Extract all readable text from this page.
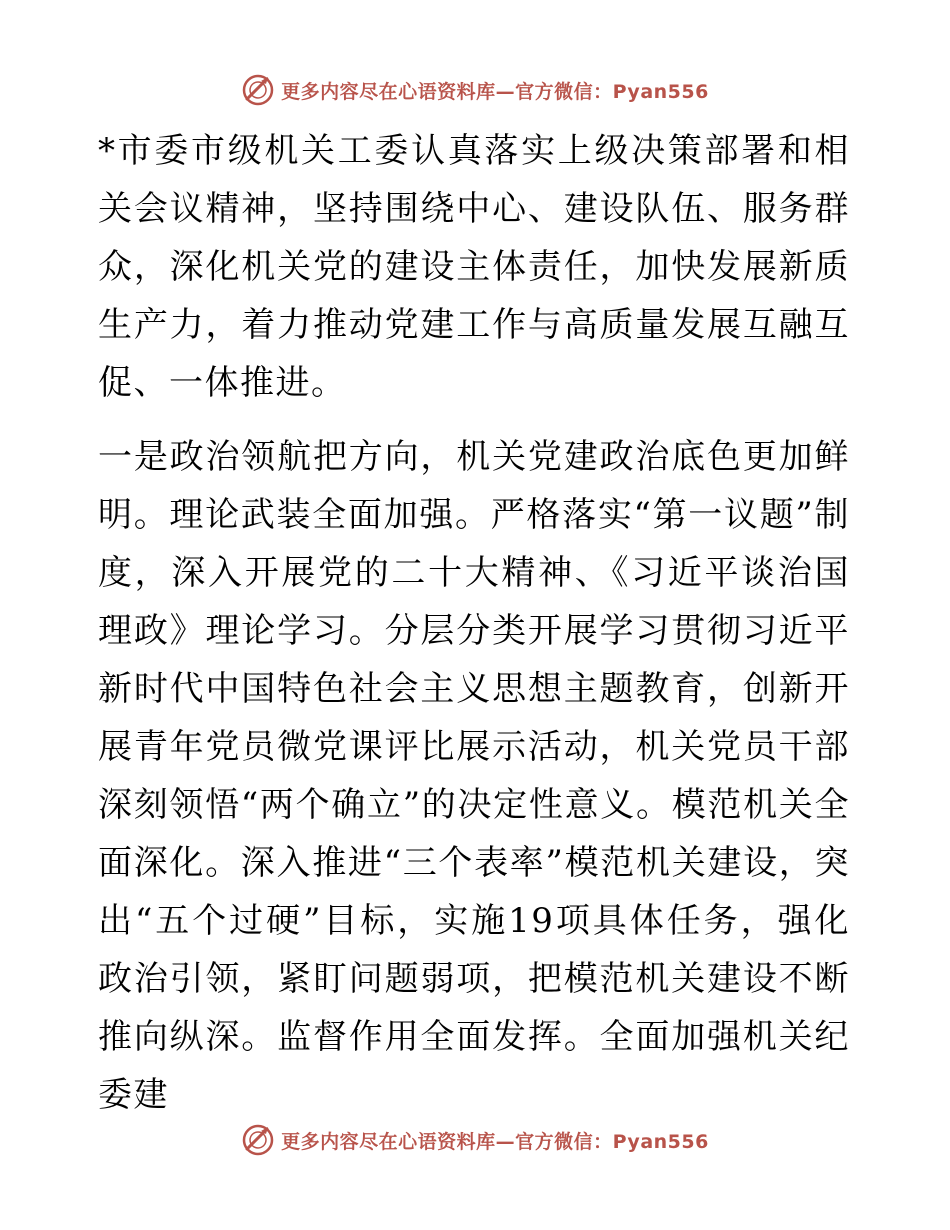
更多内容尽在心语资料库—官方微信：Pyan556

*市委市级机关工委认真落实上级决策部署和相关会议精神，坚持围绕中心、建设队伍、服务群众，深化机关党的建设主体责任，加快发展新质生产力，着力推动党建工作与高质量发展互融互促、一体推进。

一是政治领航把方向，机关党建政治底色更加鲜明。理论武装全面加强。严格落实“第一议题”制度，深入开展党的二十大精神、《习近平谈治国理政》理论学习。分层分类开展学习贯彻习近平新时代中国特色社会主义思想主题教育，创新开展青年党员微党课评比展示活动，机关党员干部深刻领悟“两个确立”的决定性意义。模范机关全面深化。深入推进“三个表率”模范机关建设，突出“五个过硬”目标，实施19项具体任务，强化政治引领，紧盯问题弱项，把模范机关建设不断推向纵深。监督作用全面发挥。全面加强机关纪委建

更多内容尽在心语资料库—官方微信：Pyan556
